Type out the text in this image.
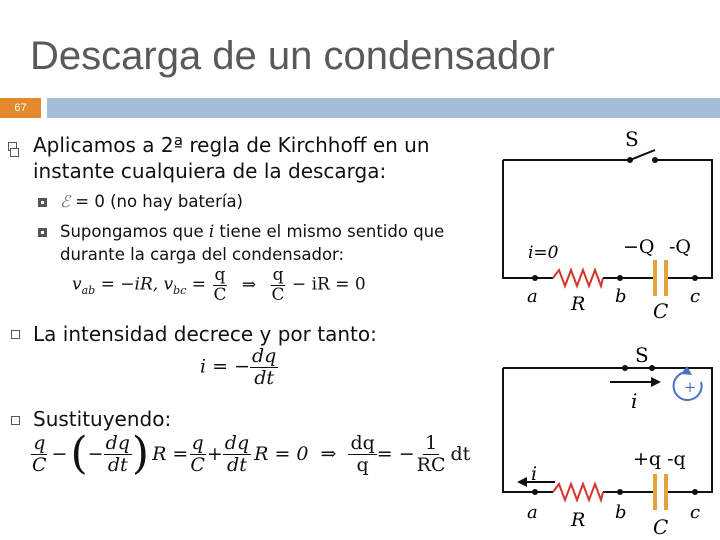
Descarga de un condensador
67
Aplicamos a 2ª regla de Kirchhoff en un
instante cualquiera de la descarga:
ℰ = 0 (no hay batería)
Supongamos que i tiene el mismo sentido que
durante la carga del condensador:
$v_{ab} = -iR$, $v_{bc} = \frac{q}{C}$ ⇒ $\frac{q}{C}$ − iR = 0
La intensidad decrece y por tanto:
i = − $\frac{dq}{dt}$
Sustituyendo:
$\frac{q}{C}$ − ( − $\frac{dq}{dt}$ ) $R = \frac{q}{C} + \frac{dq}{dt}$ R = 0 ⇒ $\frac{dq}{q}$ = − $\frac{1}{RC}$ dt
S
i=0	−Q -Q
a	b	c
R	C
+
S
i
i
+q -q
a	b	c
R	C
